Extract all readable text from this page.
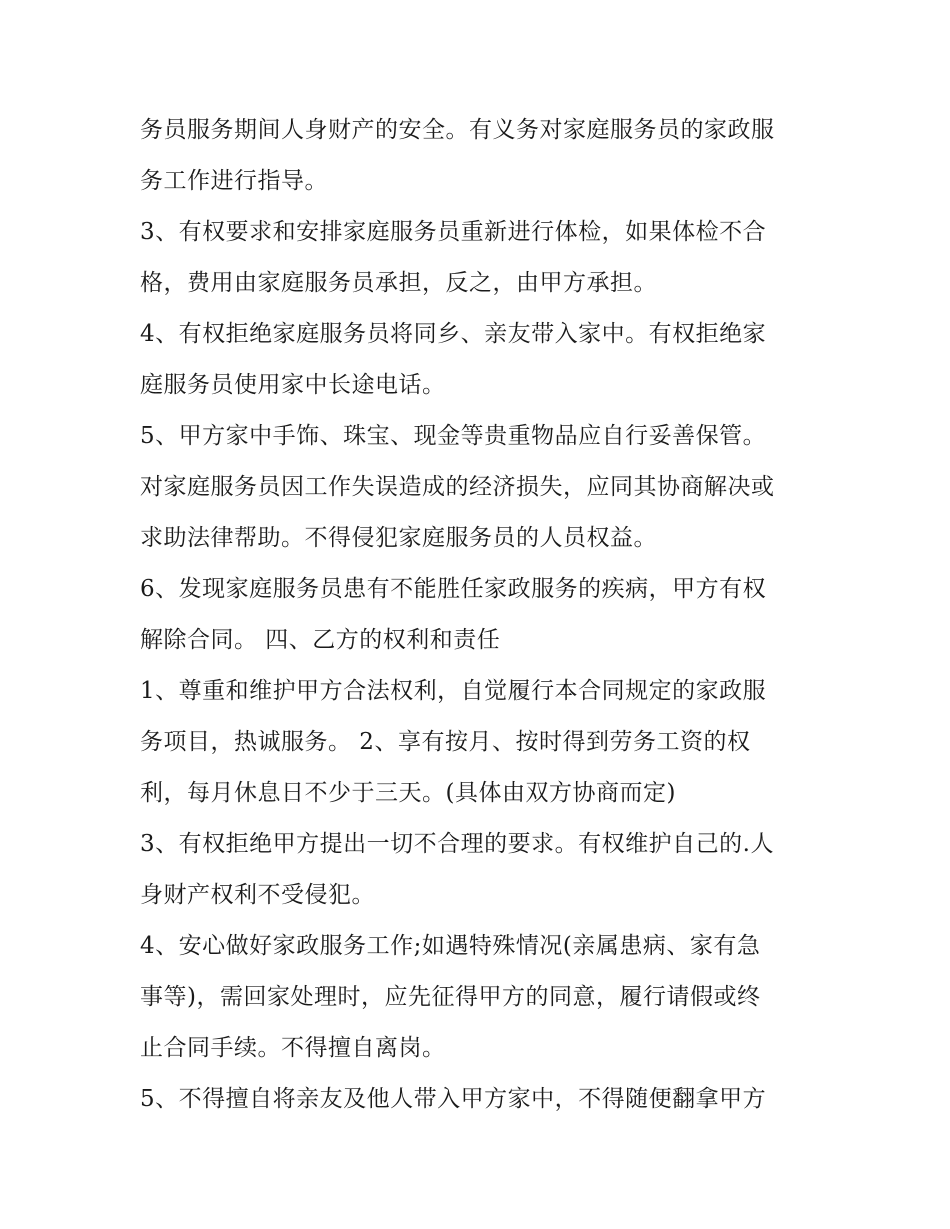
务员服务期间人身财产的安全。有义务对家庭服务员的家政服
务工作进行指导。
3、有权要求和安排家庭服务员重新进行体检，如果体检不合
格，费用由家庭服务员承担，反之，由甲方承担。
4、有权拒绝家庭服务员将同乡、亲友带入家中。有权拒绝家
庭服务员使用家中长途电话。
5、甲方家中手饰、珠宝、现金等贵重物品应自行妥善保管。
对家庭服务员因工作失误造成的经济损失，应同其协商解决或
求助法律帮助。不得侵犯家庭服务员的人员权益。
6、发现家庭服务员患有不能胜任家政服务的疾病，甲方有权
解除合同。 四、乙方的权利和责任
1、尊重和维护甲方合法权利，自觉履行本合同规定的家政服
务项目，热诚服务。 2、享有按月、按时得到劳务工资的权
利，每月休息日不少于三天。(具体由双方协商而定)
3、有权拒绝甲方提出一切不合理的要求。有权维护自己的.人
身财产权利不受侵犯。
4、安心做好家政服务工作;如遇特殊情况(亲属患病、家有急
事等)，需回家处理时，应先征得甲方的同意，履行请假或终
止合同手续。不得擅自离岗。
5、不得擅自将亲友及他人带入甲方家中，不得随便翻拿甲方
